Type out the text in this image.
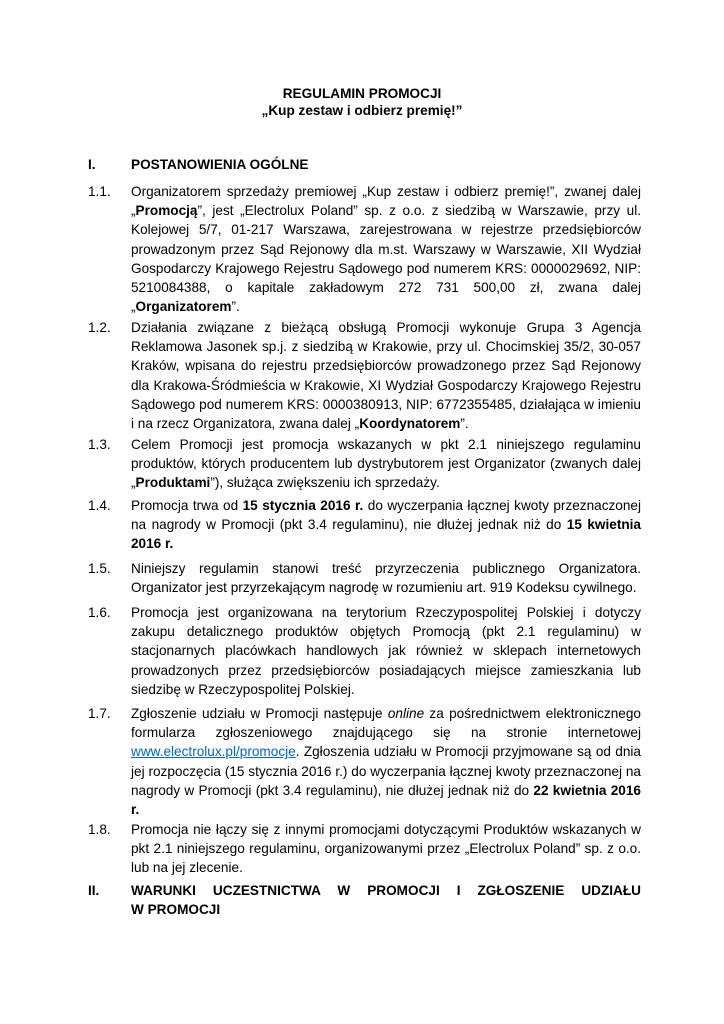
REGULAMIN PROMOCJI
„Kup zestaw i odbierz premię!”
I.	POSTANOWIENIA OGÓLNE
1.1. Organizatorem sprzedaży premiowej „Kup zestaw i odbierz premię!”, zwanej dalej „Promocją”, jest „Electrolux Poland” sp. z o.o. z siedzibą w Warszawie, przy ul. Kolejowej 5/7, 01-217 Warszawa, zarejestrowana w rejestrze przedsiębiorców prowadzonym przez Sąd Rejonowy dla m.st. Warszawy w Warszawie, XII Wydział Gospodarczy Krajowego Rejestru Sądowego pod numerem KRS: 0000029692, NIP: 5210084388, o kapitale zakładowym 272 731 500,00 zł, zwana dalej „Organizatorem”.
1.2. Działania związane z bieżącą obsługą Promocji wykonuje Grupa 3 Agencja Reklamowa Jasonek sp.j. z siedzibą w Krakowie, przy ul. Chocimskiej 35/2, 30-057 Kraków, wpisana do rejestru przedsiębiorców prowadzonego przez Sąd Rejonowy dla Krakowa-Śródmieścia w Krakowie, XI Wydział Gospodarczy Krajowego Rejestru Sądowego pod numerem KRS: 0000380913, NIP: 6772355485, działająca w imieniu i na rzecz Organizatora, zwana dalej „Koordynatorem”.
1.3. Celem Promocji jest promocja wskazanych w pkt 2.1 niniejszego regulaminu produktów, których producentem lub dystrybutorem jest Organizator (zwanych dalej „Produktami”), służąca zwiększeniu ich sprzedaży.
1.4. Promocja trwa od 15 stycznia 2016 r. do wyczerpania łącznej kwoty przeznaczonej na nagrody w Promocji (pkt 3.4 regulaminu), nie dłużej jednak niż do 15 kwietnia 2016 r.
1.5. Niniejszy regulamin stanowi treść przyrzeczenia publicznego Organizatora. Organizator jest przyrzekającym nagrodę w rozumieniu art. 919 Kodeksu cywilnego.
1.6. Promocja jest organizowana na terytorium Rzeczypospolitej Polskiej i dotyczy zakupu detalicznego produktów objętych Promocją (pkt 2.1 regulaminu) w stacjonarnych placówkach handlowych jak również w sklepach internetowych prowadzonych przez przedsiębiorców posiadających miejsce zamieszkania lub siedzibę w Rzeczypospolitej Polskiej.
1.7. Zgłoszenie udziału w Promocji następuje online za pośrednictwem elektronicznego formularza zgłoszeniowego znajdującego się na stronie internetowej www.electrolux.pl/promocje. Zgłoszenia udziału w Promocji przyjmowane są od dnia jej rozpoczęcia (15 stycznia 2016 r.) do wyczerpania łącznej kwoty przeznaczonej na nagrody w Promocji (pkt 3.4 regulaminu), nie dłużej jednak niż do 22 kwietnia 2016 r.
1.8. Promocja nie łączy się z innymi promocjami dotyczącymi Produktów wskazanych w pkt 2.1 niniejszego regulaminu, organizowanymi przez „Electrolux Poland” sp. z o.o. lub na jej zlecenie.
II. WARUNKI UCZESTNICTWA W PROMOCJI I ZGŁOSZENIE UDZIAŁU
W PROMOCJI
